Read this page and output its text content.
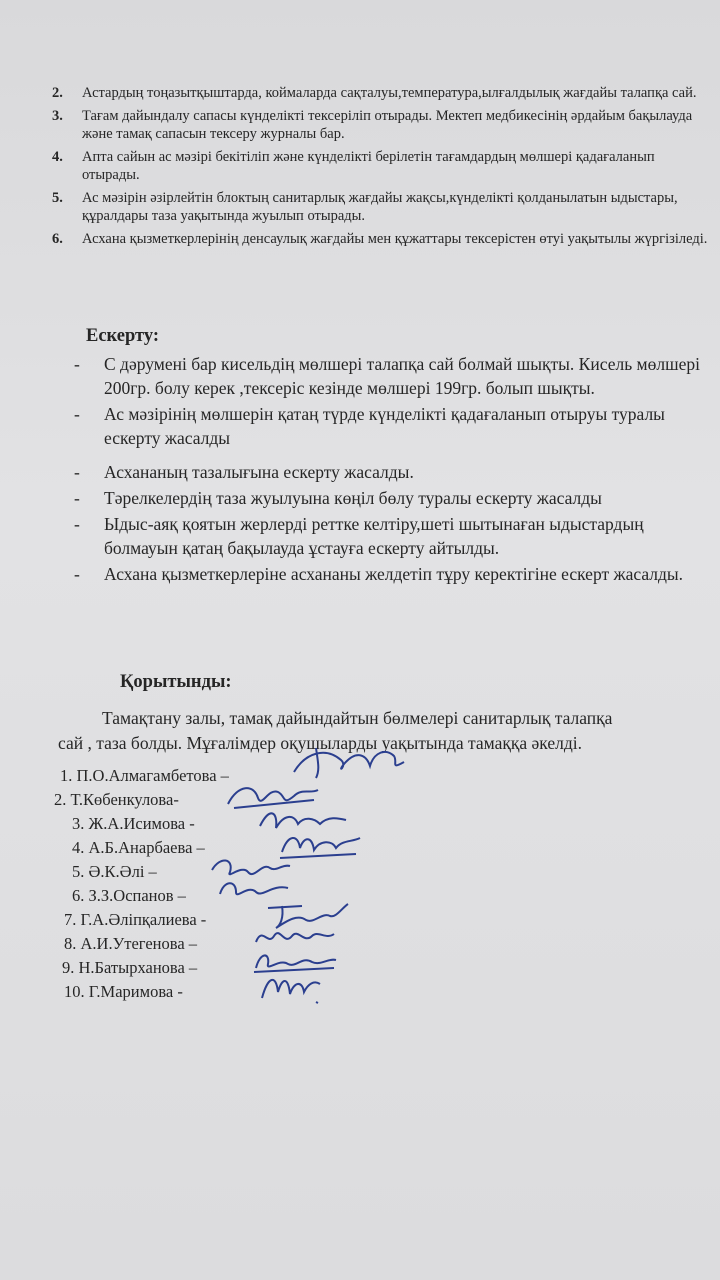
2.	Астардың тоңазытқыштарда, коймаларда сақталуы,температура,ылғалдылық жағдайы талапқа сай.
3.	Тағам дайындалу сапасы күнделікті тексеріліп отырады. Мектеп медбикесінің әрдайым бақылауда және тамақ сапасын тексеру журналы бар.
4.	Апта сайын ас мәзірі бекітіліп және күнделікті берілетін тағамдардың мөлшері қадағаланып отырады.
5.	Ас мәзірін әзірлейтін блоктың санитарлық жағдайы жақсы,күнделікті қолданылатын ыдыстары, құралдары таза уақытында жуылып отырады.
6.	Асхана қызметкерлерінің денсаулық жағдайы мен құжаттары тексерістен өтуі уақытылы жүргізіледі.
Ескерту:
-	С дәрумені бар кисельдің мөлшері талапқа сай болмай шықты. Кисель мөлшері 200гр. болу керек ,тексеріс кезінде мөлшері 199гр. болып шықты.
-	Ас мәзірінің мөлшерін қатаң түрде күнделікті қадағаланып отыруы туралы ескерту жасалды
-	Асхананың тазалығына ескерту жасалды.
-	Тәрелкелердің таза жуылуына көңіл бөлу туралы ескерту жасалды
-	Ыдыс-аяқ қоятын жерлерді реттке келтіру,шеті шытынаған ыдыстардың болмауын қатаң бақылауда ұстауға ескерту айтылды.
-	Асхана қызметкерлеріне асхананы желдетіп тұру керектігіне ескерт жасалды.
Қорытынды:
Тамақтану залы, тамақ дайындайтын бөлмелері санитарлық талапқа
сай , таза болды. Мұғалімдер оқушыларды уақытында тамаққа әкелді.
1. П.О.Алмагамбетова –
2. Т.Көбенкулова-
3. Ж.А.Исимова -
4. А.Б.Анарбаева –
5. Ә.К.Әлі –
6. З.З.Оспанов –
7. Г.А.Әліпқалиева -
8. А.И.Утегенова –
9. Н.Батырханова –
10. Г.Маримова -
